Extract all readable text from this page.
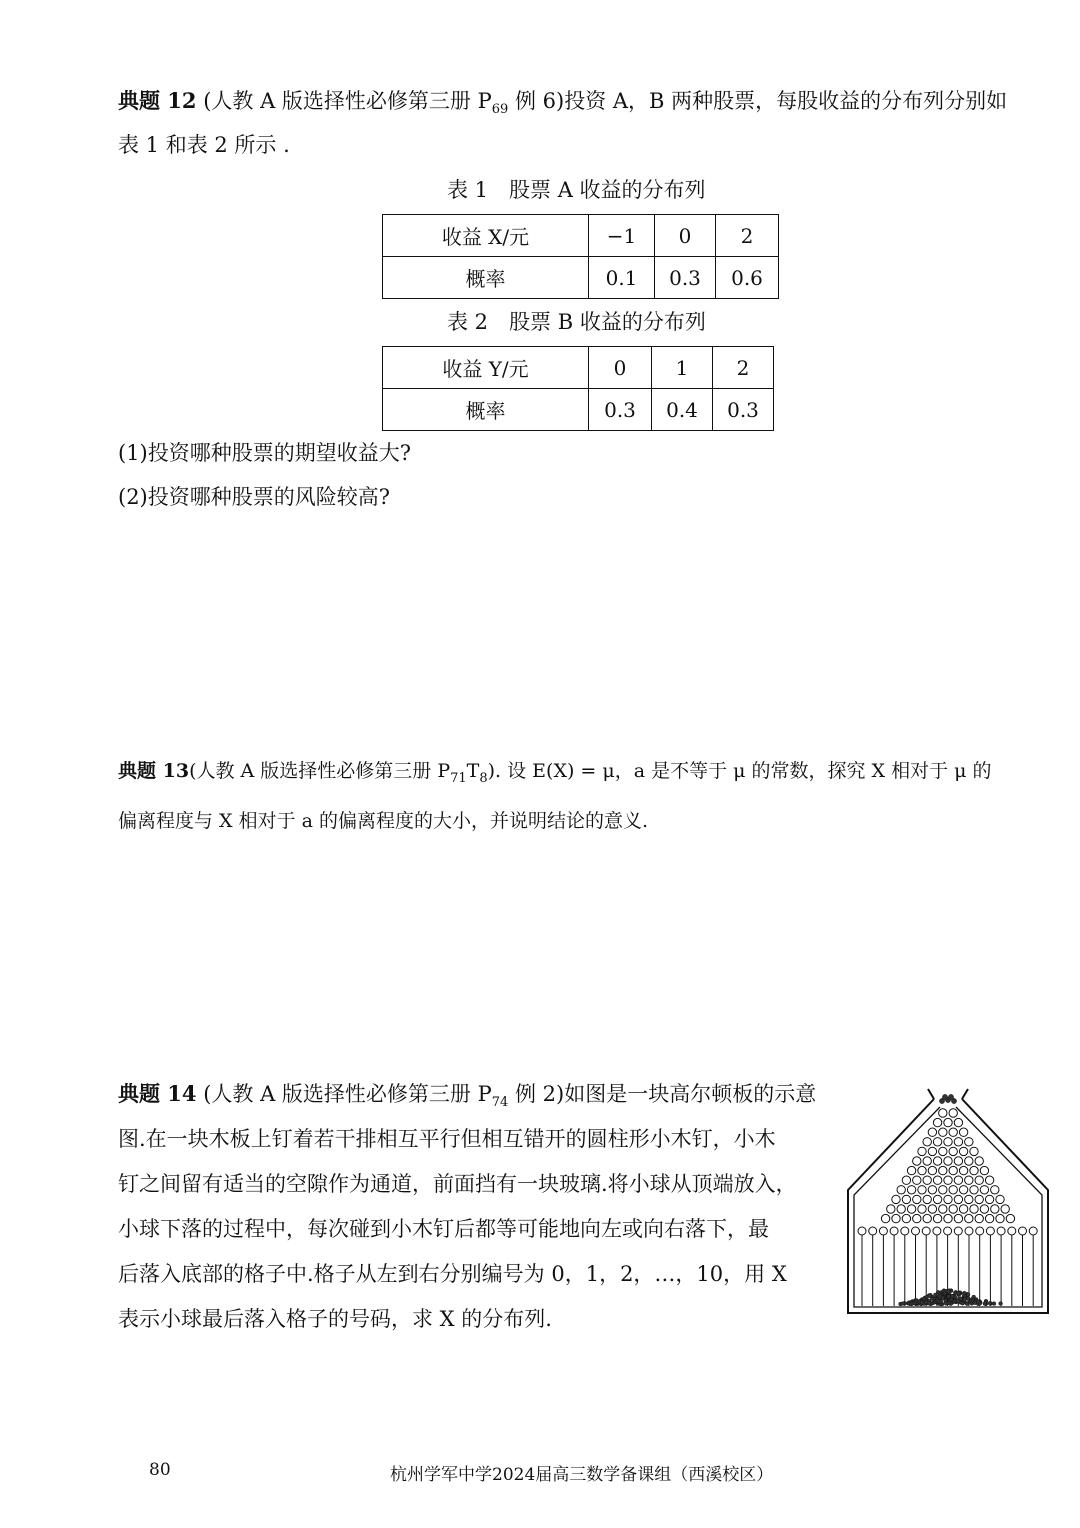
典题 12 (人教 A 版选择性必修第三册 $P_{69}$ 例 6)投资 A，B 两种股票，每股收益的分布列分别如

表 1 和表 2 所示 .

表 1　股票 A 收益的分布列
收益 X/元	−1	0	2
概率	0.1	0.3	0.6
表 2　股票 B 收益的分布列
收益 Y/元	0	1	2
概率	0.3	0.4	0.3

(1)投资哪种股票的期望收益大?

(2)投资哪种股票的风险较高?

典题 13(人教 A 版选择性必修第三册 $P_{71}T_8$). 设 E(X) = μ，a 是不等于 μ 的常数，探究 X 相对于 μ 的

偏离程度与 X 相对于 a 的偏离程度的大小，并说明结论的意义.

典题 14 (人教 A 版选择性必修第三册 $P_{74}$ 例 2)如图是一块高尔顿板的示意

图.在一块木板上钉着若干排相互平行但相互错开的圆柱形小木钉，小木

钉之间留有适当的空隙作为通道，前面挡有一块玻璃.将小球从顶端放入，

小球下落的过程中，每次碰到小木钉后都等可能地向左或向右落下，最

后落入底部的格子中.格子从左到右分别编号为 0，1，2，…，10，用 X

表示小球最后落入格子的号码，求 X 的分布列.

80	杭州学军中学2024届高三数学备课组（西溪校区）
